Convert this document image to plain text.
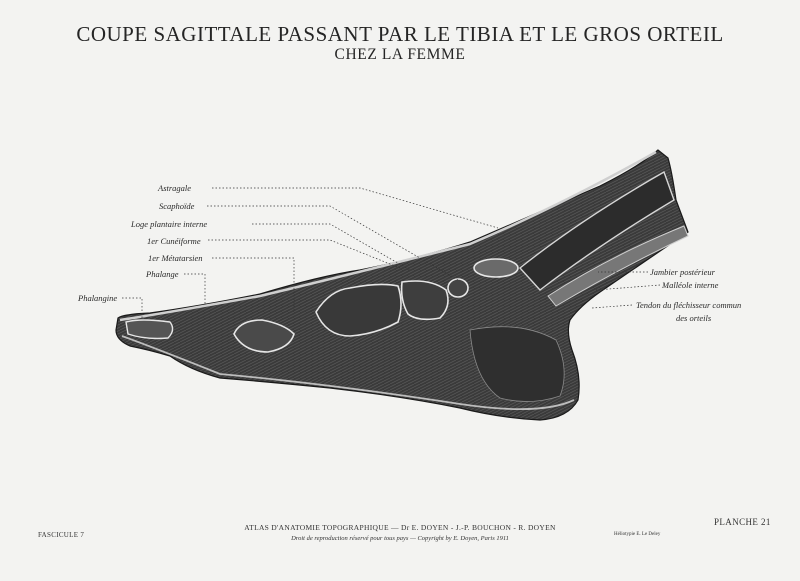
COUPE SAGITTALE PASSANT PAR LE TIBIA ET LE GROS ORTEIL
CHEZ LA FEMME
Astragale
Scaphoïde
Loge plantaire interne
1er Cunéiforme
1er Métatarsien
Phalange
Phalangine
Jambier postérieur
Malléole interne
Tendon du fléchisseur commun
des orteils
FASCICULE 7
ATLAS D'ANATOMIE TOPOGRAPHIQUE — Dr E. DOYEN - J.-P. BOUCHON - R. DOYEN
Droit de reproduction réservé pour tous pays — Copyright by E. Doyen, Paris 1911
Héliotypie E. Le Deley
PLANCHE 21
